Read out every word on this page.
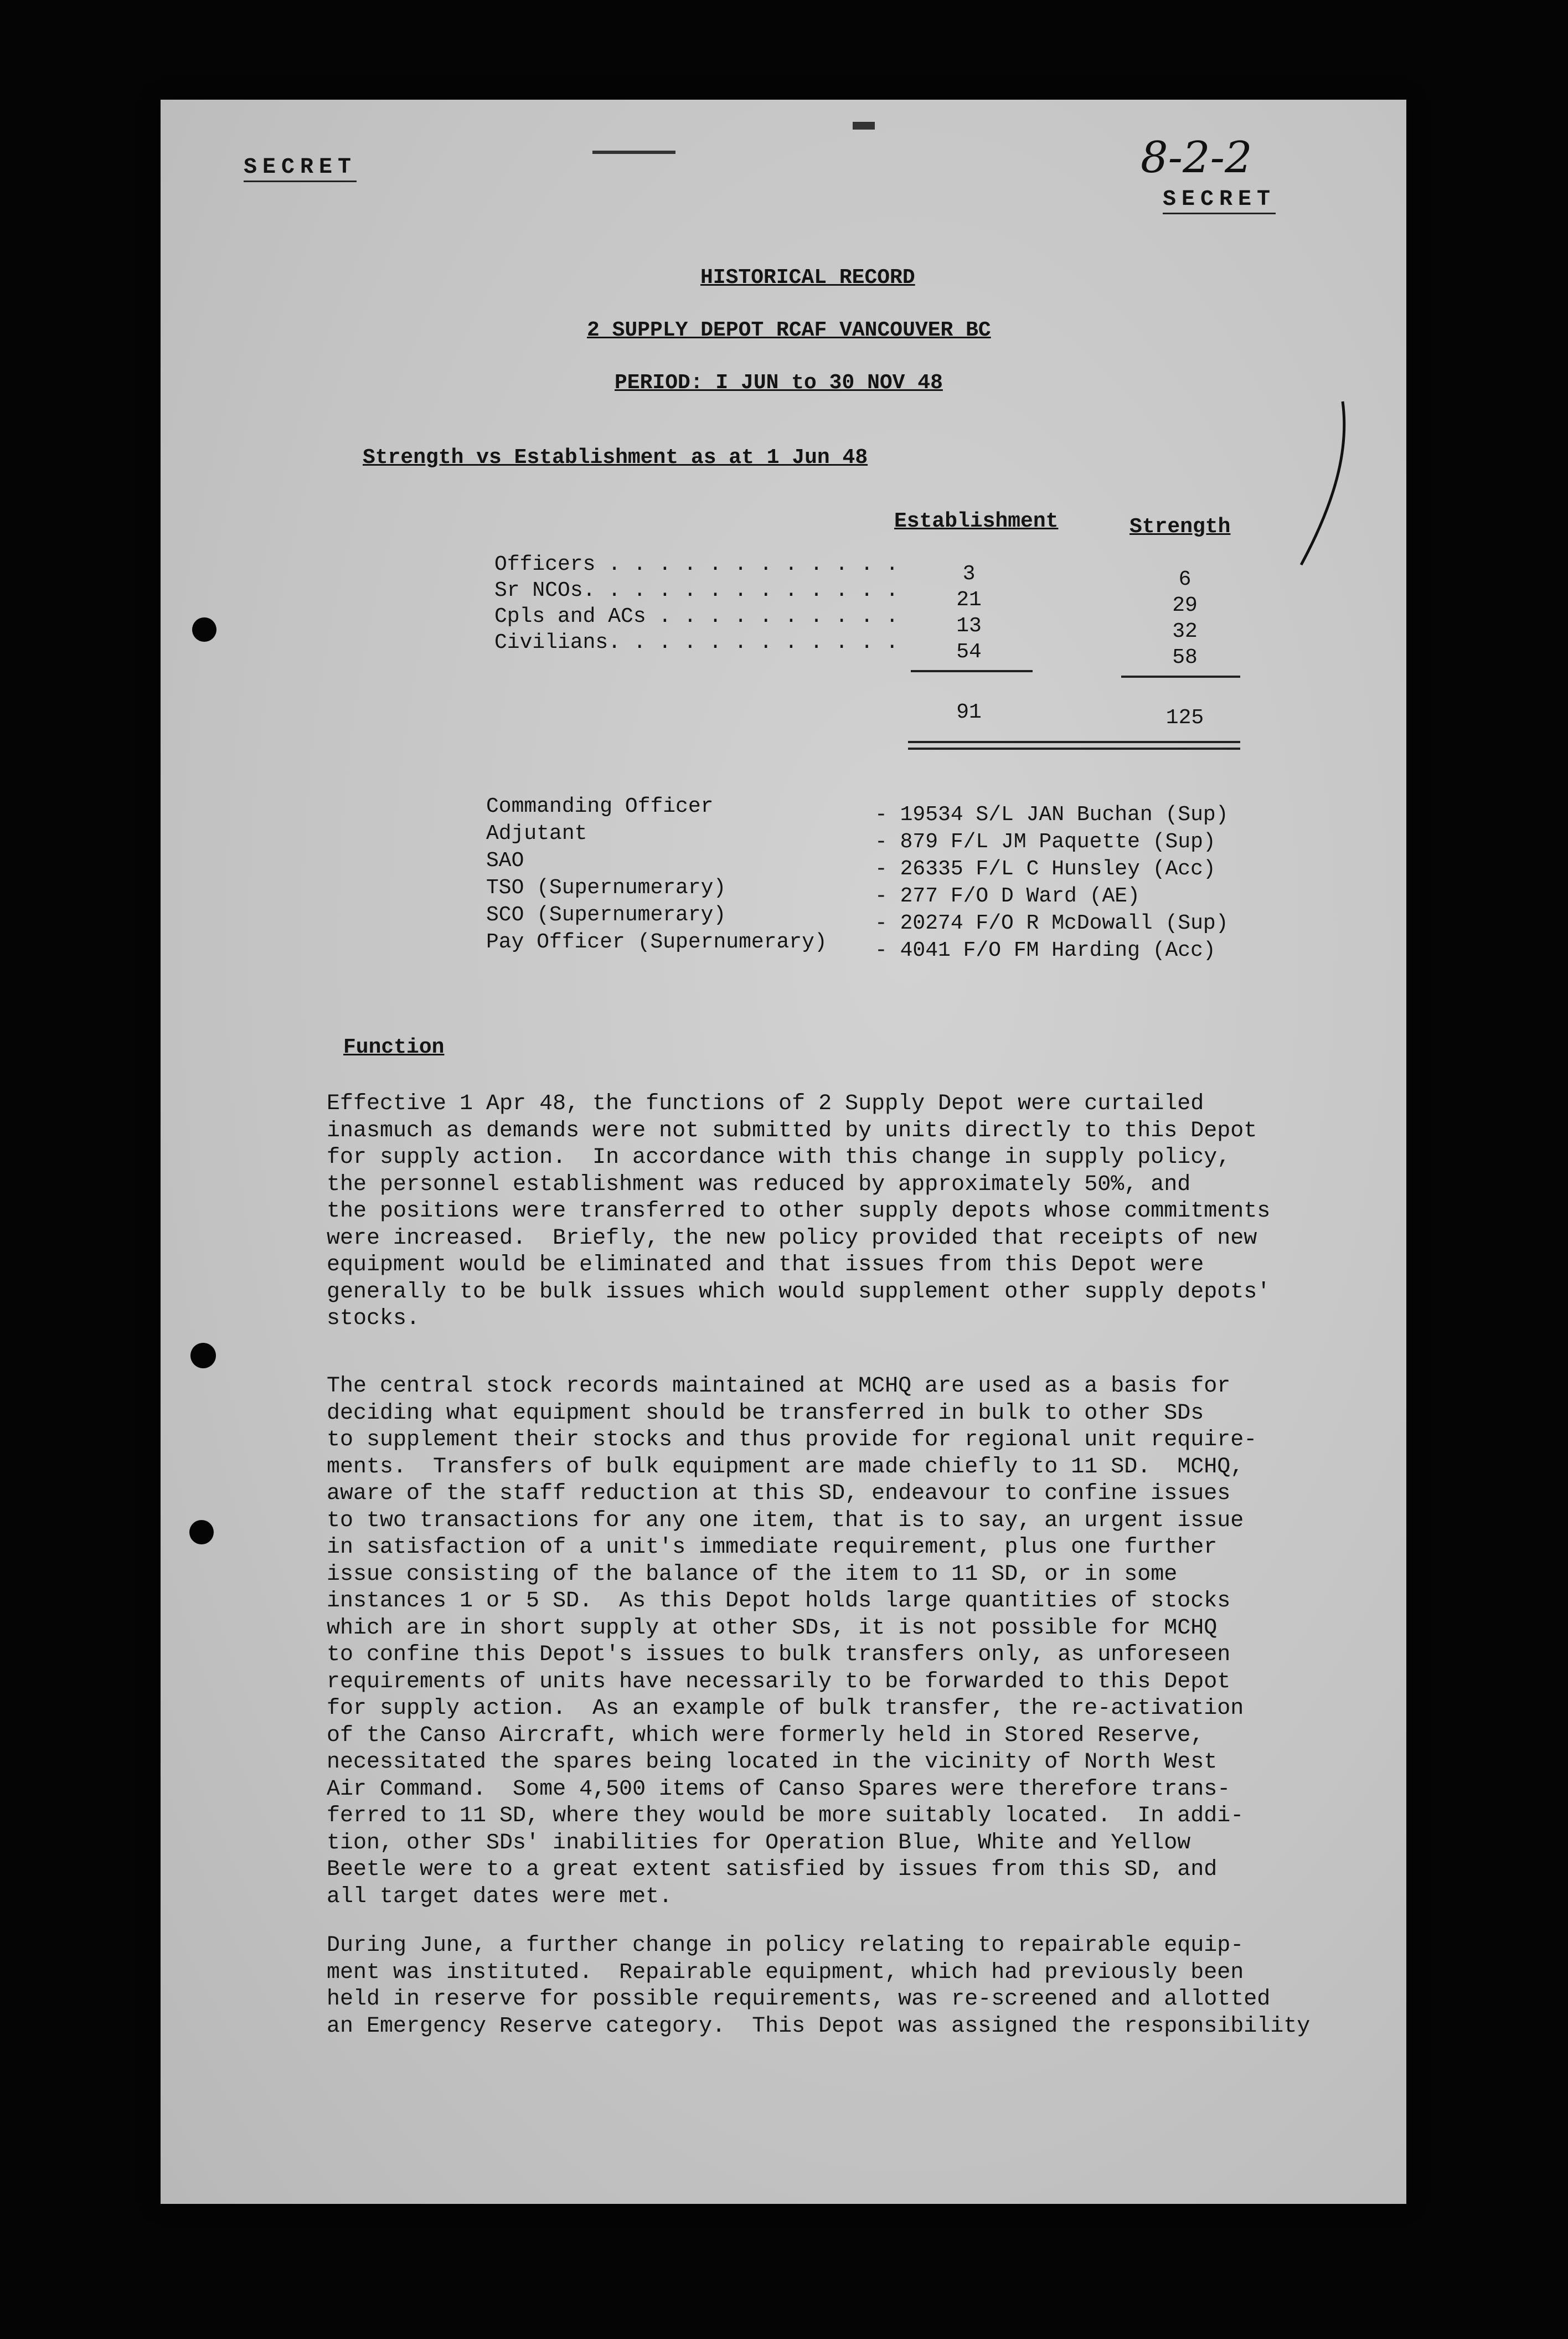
SECRET
SECRET
8-2-2
HISTORICAL RECORD
2 SUPPLY DEPOT RCAF VANCOUVER BC
PERIOD: I JUN to 30 NOV 48
Strength vs Establishment as at 1 Jun 48
Establishment	Strength
Officers . . . . . . . . . . . .
Sr NCOs. . . . . . . . . . . . .
Cpls and ACs . . . . . . . . . .
Civilians. . . . . . . . . . . .
3
21
13
54
6
29
32
58
91	125
Commanding Officer
Adjutant
SAO
TSO (Supernumerary)
SCO (Supernumerary)
Pay Officer (Supernumerary)
- 19534 S/L JAN Buchan (Sup)
- 879 F/L JM Paquette (Sup)
- 26335 F/L C Hunsley (Acc)
- 277 F/O D Ward (AE)
- 20274 F/O R McDowall (Sup)
- 4041 F/O FM Harding (Acc)
Function
Effective 1 Apr 48, the functions of 2 Supply Depot were curtailed
inasmuch as demands were not submitted by units directly to this Depot
for supply action.  In accordance with this change in supply policy,
the personnel establishment was reduced by approximately 50%, and
the positions were transferred to other supply depots whose commitments
were increased.  Briefly, the new policy provided that receipts of new
equipment would be eliminated and that issues from this Depot were
generally to be bulk issues which would supplement other supply depots'
stocks.
The central stock records maintained at MCHQ are used as a basis for
deciding what equipment should be transferred in bulk to other SDs
to supplement their stocks and thus provide for regional unit require-
ments.  Transfers of bulk equipment are made chiefly to 11 SD.  MCHQ,
aware of the staff reduction at this SD, endeavour to confine issues
to two transactions for any one item, that is to say, an urgent issue
in satisfaction of a unit's immediate requirement, plus one further
issue consisting of the balance of the item to 11 SD, or in some
instances 1 or 5 SD.  As this Depot holds large quantities of stocks
which are in short supply at other SDs, it is not possible for MCHQ
to confine this Depot's issues to bulk transfers only, as unforeseen
requirements of units have necessarily to be forwarded to this Depot
for supply action.  As an example of bulk transfer, the re-activation
of the Canso Aircraft, which were formerly held in Stored Reserve,
necessitated the spares being located in the vicinity of North West
Air Command.  Some 4,500 items of Canso Spares were therefore trans-
ferred to 11 SD, where they would be more suitably located.  In addi-
tion, other SDs' inabilities for Operation Blue, White and Yellow
Beetle were to a great extent satisfied by issues from this SD, and
all target dates were met.
During June, a further change in policy relating to repairable equip-
ment was instituted.  Repairable equipment, which had previously been
held in reserve for possible requirements, was re-screened and allotted
an Emergency Reserve category.  This Depot was assigned the responsibility
